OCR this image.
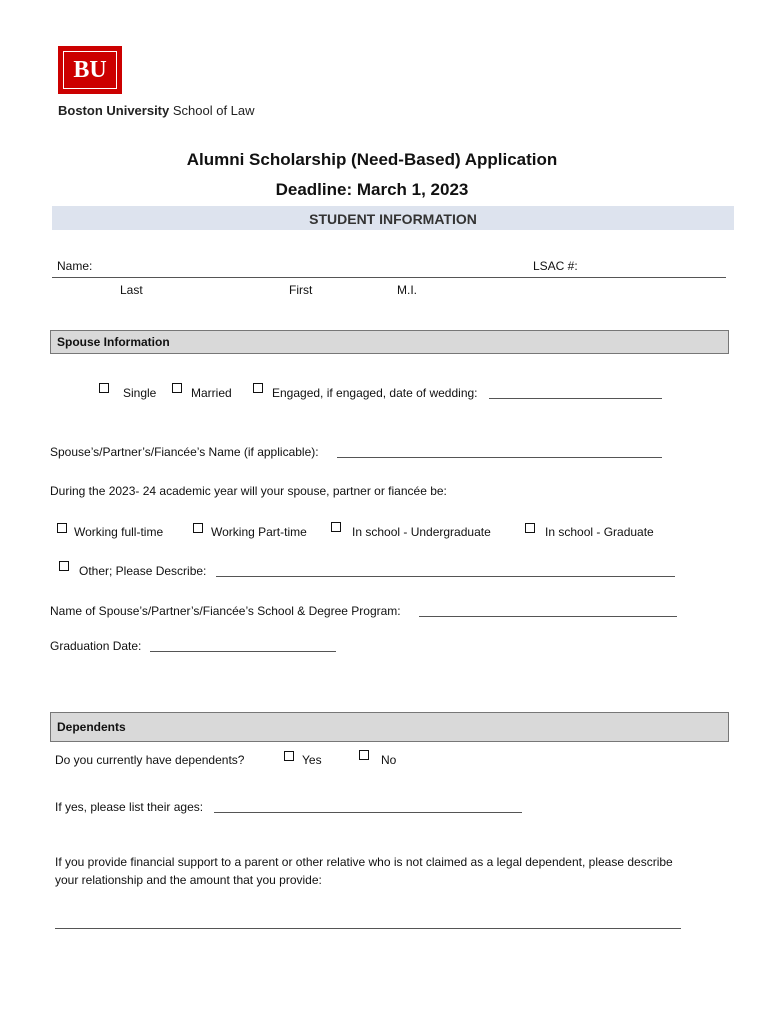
BU
Boston University School of Law
Alumni Scholarship (Need-Based) Application
Deadline: March 1, 2023
STUDENT INFORMATION
Name:	LSAC #:
Last	First	M.I.
Spouse Information
Single	Married	Engaged, if engaged, date of wedding:
Spouse’s/Partner’s/Fiancée’s Name (if applicable):
During the 2023- 24 academic year will your spouse, partner or fiancée be:
Working full-time	Working Part-time	In school - Undergraduate	In school - Graduate
Other; Please Describe:
Name of Spouse’s/Partner’s/Fiancée’s School & Degree Program:
Graduation Date:
Dependents
Do you currently have dependents?	Yes	No
If yes, please list their ages:
If you provide financial support to a parent or other relative who is not claimed as a legal dependent, please describe
your relationship and the amount that you provide:
